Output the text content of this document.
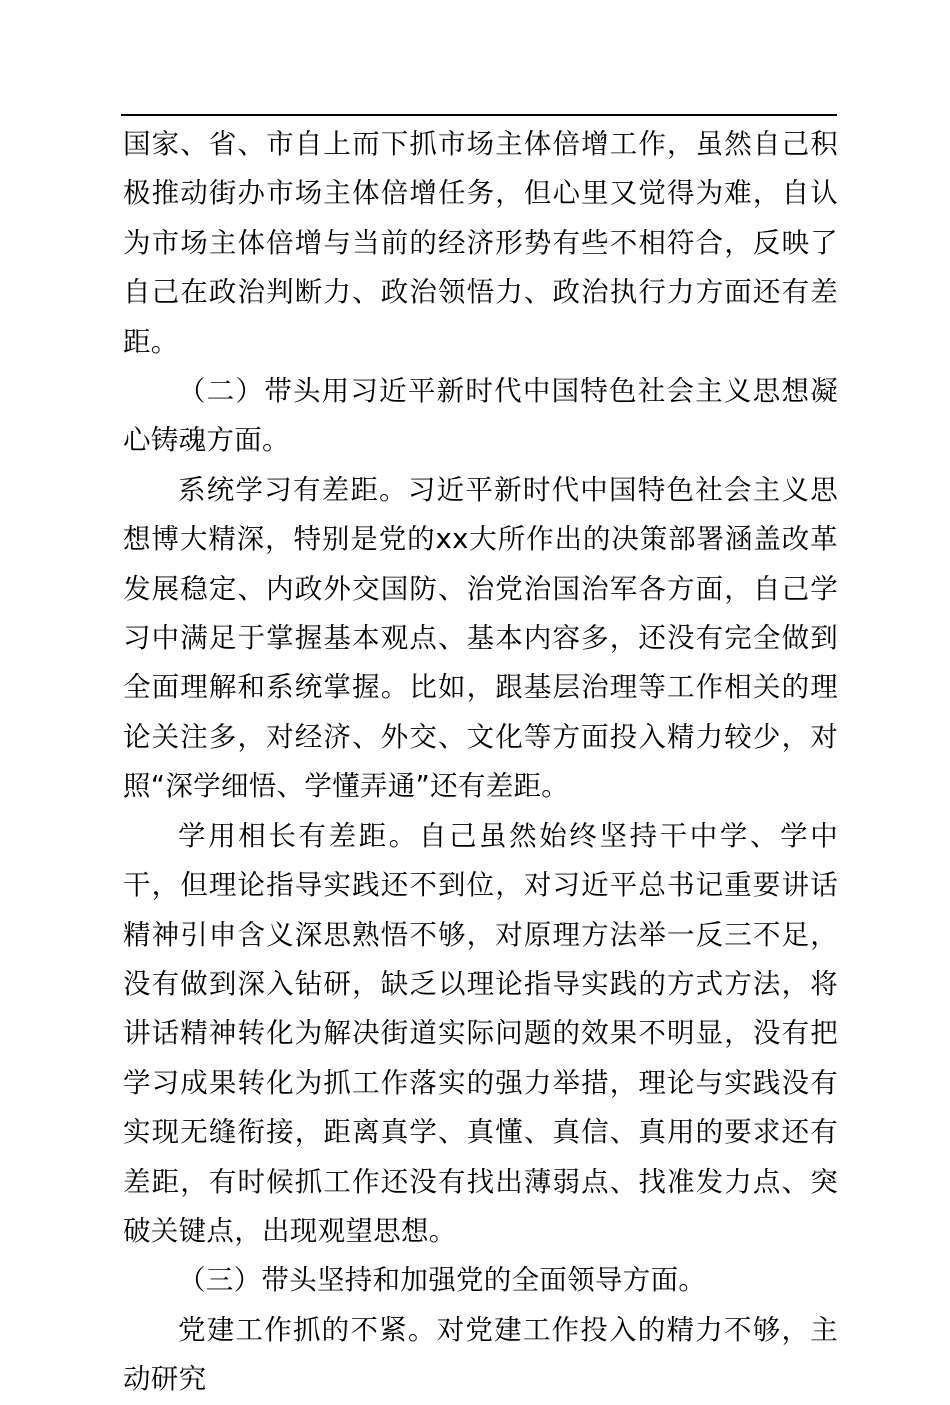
国家、省、市自上而下抓市场主体倍增工作，虽然自己积极推动街办市场主体倍增任务，但心里又觉得为难，自认为市场主体倍增与当前的经济形势有些不相符合，反映了自己在政治判断力、政治领悟力、政治执行力方面还有差距。

（二）带头用习近平新时代中国特色社会主义思想凝心铸魂方面。

系统学习有差距。习近平新时代中国特色社会主义思想博大精深，特别是党的xx大所作出的决策部署涵盖改革发展稳定、内政外交国防、治党治国治军各方面，自己学习中满足于掌握基本观点、基本内容多，还没有完全做到全面理解和系统掌握。比如，跟基层治理等工作相关的理论关注多，对经济、外交、文化等方面投入精力较少，对照“深学细悟、学懂弄通”还有差距。

学用相长有差距。自己虽然始终坚持干中学、学中干，但理论指导实践还不到位，对习近平总书记重要讲话精神引申含义深思熟悟不够，对原理方法举一反三不足，没有做到深入钻研，缺乏以理论指导实践的方式方法，将讲话精神转化为解决街道实际问题的效果不明显，没有把学习成果转化为抓工作落实的强力举措，理论与实践没有实现无缝衔接，距离真学、真懂、真信、真用的要求还有差距，有时候抓工作还没有找出薄弱点、找准发力点、突破关键点，出现观望思想。

（三）带头坚持和加强党的全面领导方面。

党建工作抓的不紧。对党建工作投入的精力不够，主动研究
